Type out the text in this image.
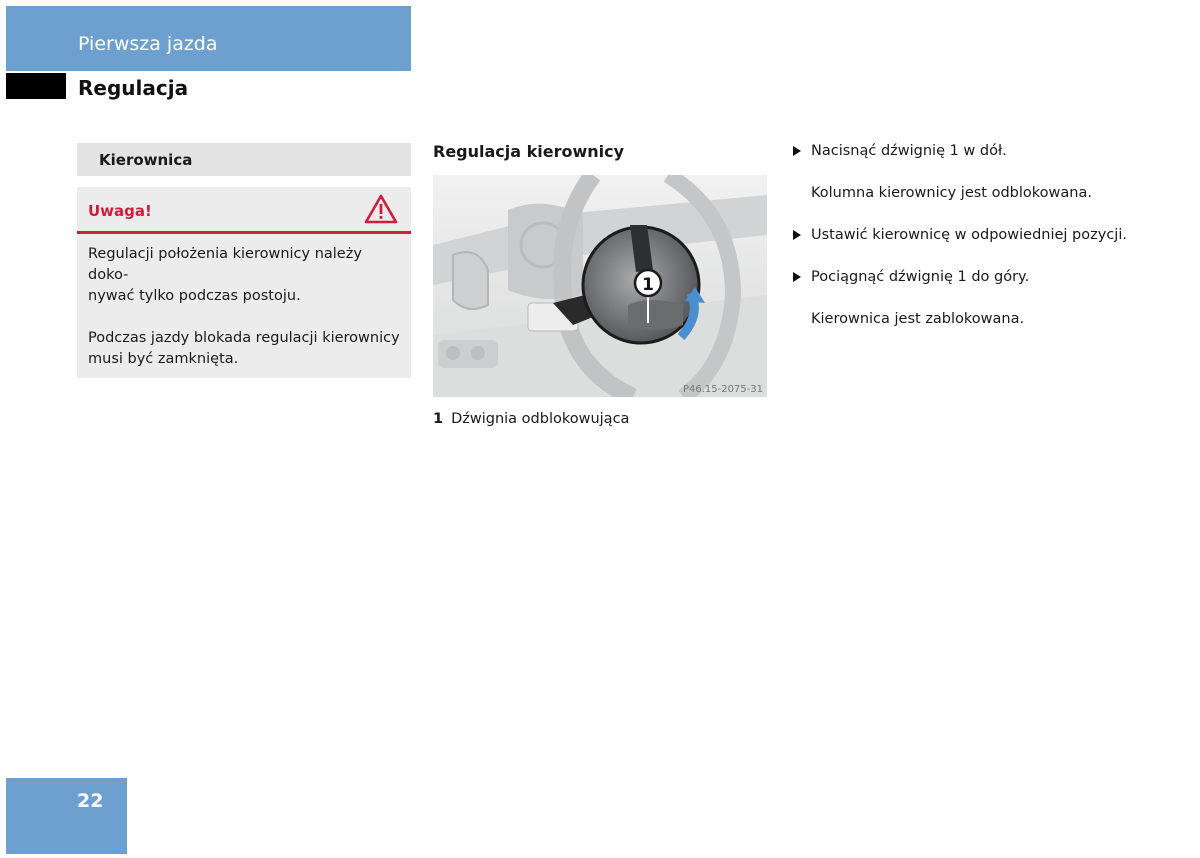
Pierwsza jazda
Regulacja
Kierownica
Uwaga!

Regulacji położenia kierownicy należy doko-
nywać tylko podczas postoju.

Podczas jazdy blokada regulacji kierownicy
musi być zamknięta.

Regulacja kierownicy
1
P46.15-2075-31
1 Dźwignia odblokowująca
Nacisnąć dźwignię 1 w dół.
Kolumna kierownicy jest odblokowana.
Ustawić kierownicę w odpowiedniej pozycji.
Pociągnąć dźwignię 1 do góry.
Kierownica jest zablokowana.
22
